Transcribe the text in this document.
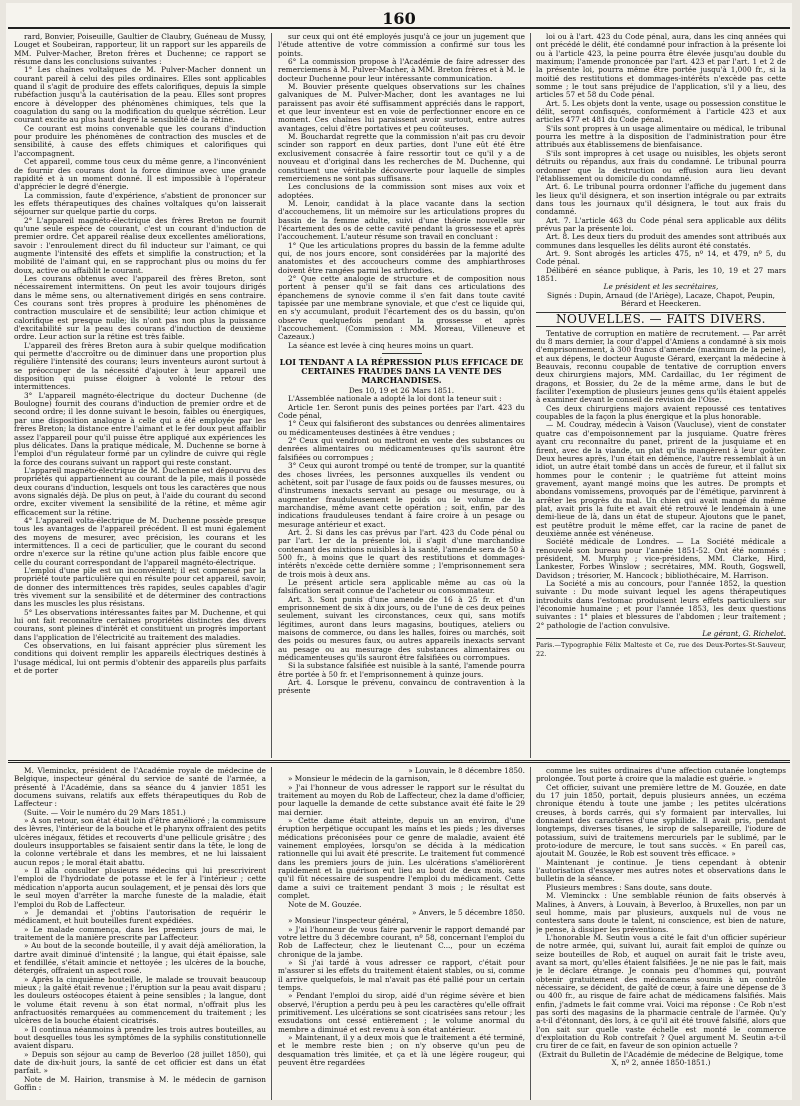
160

rard, Bonvier, Poiseuille, Gaultier de Claubry, Guéneau de Mussy, Louget et Soubeiran, rapporteur, lit un rapport sur les appareils de MM. Pulver-Macher, Breton frères et Duchenne; ce rapport se résume dans les conclusions suivantes :

1° Les chaînes voltaïques de M. Pulver-Macher donnent un courant pareil à celui des piles ordinaires. Elles sont applicables quand il s'agit de produire des effets calorifiques, depuis la simple rubéfaction jusqu'à la cautérisation de la peau. Elles sont propres encore à développer des phénomènes chimiques, tels que la coagulation du sang ou la modification du quelque sécrétion. Leur courant excite au plus haut degré la sensibilité de la rétine.

Ce courant est moins convenable que les courans d'induction pour produire les phénomènes de contraction des muscles et de sensibilité, à cause des effets chimiques et calorifiques qui l'accompagnent.

Cet appareil, comme tous ceux du même genre, a l'inconvénient de fournir des courans dont la force diminue avec une grande rapidité et à un moment donné. Il est impossible à l'opérateur d'apprécier le degré d'énergie.

La commission, faute d'expérience, s'abstient de prononcer sur les effets thérapeutiques des chaînes voltaïques qu'on laisserait séjourner sur quelque partie du corps.

2° L'appareil magnéto-électrique des frères Breton ne fournit qu'une seule espèce de courant, c'est un courant d'induction de premier ordre. Cet appareil réalise deux excellentes améliorations, savoir : l'enroulement direct du fil inducteur sur l'aimant, ce qui augmente l'intensité des effets et simplifie la construction; et la mobilité de l'aimant qui, en se rapprochant plus ou moins du fer doux, active ou affaiblit le courant.

Les courans obtenus avec l'appareil des frères Breton, sont nécessairement intermittens. On peut les avoir toujours dirigés dans le même sens, ou alternativement dirigés en sens contraire. Ces courans sont très propres à produire les phénomènes de contraction musculaire et de sensibilité; leur action chimique et calorifique est presque nulle; ils n'ont pas non plus la puissance d'excitabilité sur la peau des courans d'induction de deuxième ordre. Leur action sur la rétine est très faible.

L'appareil des frères Breton aura à subir quelque modification qui permette d'accroître ou de diminuer dans une proportion plus régulière l'intensité des courans; leurs inventeurs auront surtout à se préoccuper de la nécessité d'ajouter à leur appareil une disposition qui puisse éloigner à volonté le retour des intermittences.

3° L'appareil magnéto-électrique du docteur Duchenne (de Boulogne) fournit des courans d'induction de premier ordre et de second ordre; il les donne suivant le besoin, faibles ou énergiques, par une disposition analogue à celle qui a été employée par les frères Breton; la distance entre l'aimant et le fer doux peut affaiblir assez l'appareil pour qu'il puisse être appliqué aux expériences les plus délicates. Dans la pratique médicale, M. Duchenne se borne à l'emploi d'un régulateur formé par un cylindre de cuivre qui règle la force des courans suivant un rapport qui reste constant.

L'appareil magnéto-électrique de M. Duchenne est dépourvu des propriétés qui appartiennent au courant de la pile, mais il possède deux courans d'induction, lesquels ont tous les caractères que nous avons signalés déjà. De plus on peut, à l'aide du courant du second ordre, exciter vivement la sensibilité de la rétine, et même agir efficacement sur la rétine.

4° L'appareil volta-électrique de M. Duchenne possède presque tous les avantages de l'appareil précédent. Il est muni également des moyens de mesurer, avec précision, les courans et les intermittences. Il a ceci de particulier, que le courant du second ordre n'exerce sur la rétine qu'une action plus faible encore que celle du courant correspondant de l'appareil magnéto-électrique.

L'emploi d'une pile est un inconvénient; il est compensé par la propriété toute particulière qui en résulte pour cet appareil, savoir, de donner des intermittences très rapides, seules capables d'agir très vivement sur la sensibilité et de déterminer des contractions dans les muscles les plus résistans.

5° Les observations intéressantes faites par M. Duchenne, et qui lui ont fait reconnaître certaines propriétés distinctes des divers courans, sont pleines d'intérêt et constituent un progrès important dans l'application de l'électricité au traitement des maladies.

Ces observations, en lui faisant apprécier plus sûrement les conditions qui doivent remplir les appareils électriques destinés à l'usage médical, lui ont permis d'obtenir des appareils plus parfaits et de porter

sur ceux qui ont été employés jusqu'à ce jour un jugement que l'étude attentive de votre commission a confirmé sur tous les points.

6° La commission propose à l'Académie de faire adresser des remerciemens à M. Pulver-Macher, à MM. Breton frères et à M. le docteur Duchenne pour leur intéressante communication.

M. Bouvier présente quelques observations sur les chaînes galvaniques de M. Pulver-Macher, dont les avantages ne lui paraissent pas avoir été suffisamment appréciés dans le rapport, et que leur inventeur est en voie de perfectionner encore en ce moment. Ces chaînes lui paraissent avoir surtout, entre autres avantages, celui d'être portatives et peu coûteuses.

M. Bouchardat regrette que la commission n'ait pas cru devoir scinder son rapport en deux parties, dont l'une eût été être exclusivement consacrée à faire ressortir tout ce qu'il y a de nouveau et d'original dans les recherches de M. Duchenne, qui constituent une véritable découverte pour laquelle de simples remerciemens ne sont pas suffisans.

Les conclusions de la commission sont mises aux voix et adoptées.

M. Lenoir, candidat à la place vacante dans la section d'accouchemens, lit un mémoire sur les articulations propres du bassin de la femme adulte, suivi d'une théorie nouvelle sur l'écartement des os de cette cavité pendant la grossesse et après l'accouchement. L'auteur résume son travail en concluant :

1° Que les articulations propres du bassin de la femme adulte qui, de nos jours encore, sont considérées par la majorité des anatomistes et des accoucheurs comme des amphiarthroses doivent être rangées parmi les arthrodies.

2° Que cette analogie de structure et de composition nous portent à penser qu'il se fait dans ces articulations des épanchemens de synovie comme il s'en fait dans toute cavité tapissée par une membrane synoviale, et que c'est ce liquide qui, en s'y accumulant, produit l'écartement des os du bassin, qu'on observe quelquefois pendant la grossesse et après l'accouchement. (Commission : MM. Moreau, Villeneuve et Cazeaux.)

La séance est levée à cinq heures moins un quart.

LOI TENDANT A LA RÉPRESSION PLUS EFFICACE DE CERTAINES FRAUDES DANS LA VENTE DES MARCHANDISES.

Des 10, 19 et 26 Mars 1851.

L'Assemblée nationale a adopté la loi dont la teneur suit :

Article 1er. Seront punis des peines portées par l'art. 423 du Code pénal,

1° Ceux qui falsifieront des substances ou denrées alimentaires ou médicamenteuses destinées à être vendues ;

2° Ceux qui vendront ou mettront en vente des substances ou denrées alimentaires ou médicamenteuses qu'ils sauront être falsifiées ou corrompues ;

3° Ceux qui auront trompé ou tenté de tromper, sur la quantité des choses livrées, les personnes auxquelles ils vendent ou achètent, soit par l'usage de faux poids ou de fausses mesures, ou d'instrumens inexacts servant au pesage ou mesurage, ou à augmenter frauduleusement le poids ou le volume de la marchandise, même avant cette opération ; soit, enfin, par des indications frauduleuses tendant à faire croire à un pesage ou mesurage antérieur et exact.

Art. 2. Si dans les cas prévus par l'art. 423 du Code pénal ou par l'art. 1er de la présente loi, il s'agit d'une marchandise contenant des mixtions nuisibles à la santé, l'amende sera de 50 à 500 fr., à moins que le quart des restitutions et dommages-intérêts n'excède cette dernière somme ; l'emprisonnement sera de trois mois à deux ans.

Le présent article sera applicable même au cas où la falsification serait connue de l'acheteur ou consommateur.

Art. 3. Sont punis d'une amende de 16 à 25 fr. et d'un emprisonnement de six à dix jours, ou de l'une de ces deux peines seulement, suivant les circonstances, ceux qui, sans motifs légitimes, auront dans leurs magasins, boutiques, ateliers ou maisons de commerce, ou dans les halles, foires ou marchés, soit des poids ou mesures faux, ou autres appareils inexacts servant au pesage ou au mesurage des substances alimentaires ou médicamenteuses qu'ils sauront être falsifiées ou corrompues.

Si la substance falsifiée est nuisible à la santé, l'amende pourra être portée à 50 fr. et l'emprisonnement à quinze jours.

Art. 4. Lorsque le prévenu, convaincu de contravention à la présente

loi ou à l'art. 423 du Code pénal, aura, dans les cinq années qui ont précédé le délit, été condamné pour infraction à la présente loi ou à l'article 423, la peine pourra être élevée jusqu'au double du maximum; l'amende prononcée par l'art. 423 et par l'art. 1 et 2 de la présente loi, pourra même être portée jusqu'à 1,000 fr., si la moitié des restitutions et dommages-intérêts n'excède pas cette somme ; le tout sans préjudice de l'application, s'il y a lieu, des articles 57 et 58 du Code pénal.

Art. 5. Les objets dont la vente, usage ou possession constitue le délit, seront confisqués, conformément à l'article 423 et aux articles 477 et 481 du Code pénal.

S'ils sont propres à un usage alimentaire ou médical, le tribunal pourra les mettre à la disposition de l'administration pour être attribués aux établissemens de bienfaisance.

S'ils sont impropres à cet usage ou nuisibles, les objets seront détruits ou répandus, aux frais du condamné. Le tribunal pourra ordonner que la destruction ou effusion aura lieu devant l'établissement ou domicile du condamné.

Art. 6. Le tribunal pourra ordonner l'affiche du jugement dans les lieux qu'il désignera, et son insertion intégrale ou par extraits dans tous les journaux qu'il désignera, le tout aux frais du condamné.

Art. 7. L'article 463 du Code pénal sera applicable aux délits prévus par la présente loi.

Art. 8. Les deux tiers du produit des amendes sont attribués aux communes dans lesquelles les délits auront été constatés.

Art. 9. Sont abrogés les articles 475, nº 14, et 479, nº 5, du Code pénal.

Délibéré en séance publique, à Paris, les 10, 19 et 27 mars 1851.

Le président et les secrétaires,

Signés : Dupin, Arnaud (de l'Ariège), Lacaze, Chapot, Peupin, Bérard et Heeckeren.

NOUVELLES. — FAITS DIVERS.

Tentative de corruption en matière de recrutement. — Par arrêt du 8 mars dernier, la cour d'appel d'Amiens a condamné à six mois d'emprisonnement, à 300 francs d'amende (maximum de la peine), et aux dépens, le docteur Auguste Gérard, exerçant la médecine à Beauvais, reconnu coupable de tentative de corruption envers deux chirurgiens majors, MM. Cardaillac, du 1er régiment de dragons, et Bossier, du 2e de la même arme, dans le but de faciliter l'exemption de plusieurs jeunes gens qu'ils étaient appelés à examiner devant le conseil de révision de l'Oise.

Ces deux chirurgiens majors avaient repoussé ces tentatives coupables de la façon la plus énergique et la plus honorable.

— M. Coudray, médecin à Vaison (Vaucluse), vient de constater quatre cas d'empoisonnement par la jusquiame. Quatre frères ayant cru reconnaître du panet, prirent de la jusquiame et en firent, avec de la viande, un plat qu'ils mangèrent à leur goûter. Deux heures après, l'un était en démence, l'autre ressemblait à un idiot, un autre était tombé dans un accès de fureur, et il fallut six hommes pour le contenir ; le quatrième fut atteint moins gravement, ayant mangé moins que les autres. De prompts et abondans vomissemens, provoqués par de l'émétique, parvinrent à arrêter les progrès du mal. Un chien qui avait mangé du même plat, avait pris la fuite et avait été retrouvé le lendemain à une demi-lieue de là, dans un état de stupeur. Ajoutons que le panet, est peutêtre produit le même effet, car la racine de panet de deuxième année est vénéneuse.

Société médicale de Londres. — La Société médicale a renouvelé son bureau pour l'année 1851-52. Ont été nommés : président, M. Murphy ; vice-présidens, MM. Clarke, Hird, Lankester, Forbes Winslow ; secrétaires, MM. Routh, Gogswell, Davidson ; trésorier, M. Hancock ; bibliothécaire, M. Harrison.

La Société a mis au concours, pour l'année 1852, la question suivante : Du mode suivant lequel les agens thérapeutiques introduits dans l'estomac produisent leurs effets particuliers sur l'économie humaine ; et pour l'année 1853, les deux questions suivantes : 1° plaies et blessures de l'abdomen ; leur traitement ; 2° pathologie de l'action convulsive.

Le gérant, G. Richelot.

Paris.—Typographie Félix Malteste et Ce, rue des Deux-Portes-St-Sauveur, 22.

M. Vleminckx, président de l'Académie royale de médecine de Belgique, inspecteur général du service de santé de l'armée, a présenté à l'Académie, dans sa séance du 4 janvier 1851 les documens suivans, relatifs aux effets thérapeutiques du Rob de Laffecteur :

(Suite. — Voir le numéro du 29 Mars 1851.)

» A son retour, son état était loin d'être amélioré ; la commissure des lèvres, l'intérieur de la bouche et le pharynx offraient des petits ulcères inégaux, fétides et recouverts d'une pellicule grisâtre ; des douleurs insupportables se faisaient sentir dans la tête, le long de la colonne vertébrale et dans les membres, et ne lui laissaient aucun repos ; le moral était abattu.

» Il alla consulter plusieurs médecins qui lui prescrivirent l'emploi de l'hydriodate de potasse et le fer à l'intérieur ; cette médication n'apporta aucun soulagement, et je pensai dès lors que le seul moyen d'arrêter la marche funeste de la maladie, était l'emploi du Rob de Laffecteur.

» Je demandai et j'obtins l'autorisation de requérir le médicament, et huit bouteilles furent expédiées.

» Le malade commença, dans les premiers jours de mai, le traitement de la manière prescrite par Laffecteur.

» Au bout de la seconde bouteille, il y avait déjà amélioration, la dartre avait diminué d'intensité ; la langue, qui était épaisse, sale et fendillée, s'était amincie et nettoyée ; les ulcères de la bouche, détergés, offraient un aspect rosé.

» Après la cinquième bouteille, le malade se trouvait beaucoup mieux ; la gaîté était revenue ; l'éruption sur la peau avait disparu ; les douleurs ostéocopes étaient à peine sensibles ; la langue, dont le volume était revenu à son état normal, n'offrait plus les anfractuosités remarquées au commencement du traitement ; les ulcères de la bouche étaient cicatrisés.

» Il continua néanmoins à prendre les trois autres bouteilles, au bout desquelles tous les symptômes de la syphilis constitutionnelle avaient disparu.

» Depuis son séjour au camp de Beverloo (28 juillet 1850), qui date de dix-huit jours, la santé de cet officier est dans un état parfait. »

Note de M. Hairion, transmise à M. le médecin de garnison Goffin :

» Louvain, le 8 décembre 1850.

» Monsieur le médecin de la garnison,

» J'ai l'honneur de vous adresser le rapport sur le résultat du traitement au moyen du Rob de Laffecteur, chez la dame d'officier, pour laquelle la demande de cette substance avait été faite le 29 mai dernier.

» Cette dame était atteinte, depuis un an environ, d'une éruption herpétique occupant les mains et les pieds ; les diverses médications préconisées pour ce genre de maladie, avaient été vainement employées, lorsqu'on se décida à la médication rationnelle qui lui avait été prescrite. Le traitement fut commencé dans les premiers jours de juin. Les ulcérations s'améliorèrent rapidement et la guérison eut lieu au bout de deux mois, sans qu'il fût nécessaire de suspendre l'emploi du médicament. Cette dame a suivi ce traitement pendant 3 mois ; le résultat est complet.

Note de M. Gouzée.

» Anvers, le 5 décembre 1850.

» Monsieur l'inspecteur général,

» J'ai l'honneur de vous faire parvenir le rapport demandé par votre lettre du 3 décembre courant, nº 58, concernant l'emploi du Rob de Laffecteur, chez le lieutenant C..., pour un eczéma chronique de la jambe.

» Si j'ai tardé à vous adresser ce rapport, c'était pour m'assurer si les effets du traitement étaient stables, ou si, comme il arrive quelquefois, le mal n'avait pas été pallié pour un certain temps.

» Pendant l'emploi du sirop, aidé d'un régime sévère et bien observé, l'éruption a perdu peu à peu les caractères qu'elle offrait primitivement. Les ulcérations se sont cicatrisées sans retour ; les exsudations ont cessé entièrement ; le volume anormal du membre a diminué et est revenu à son état antérieur.

» Maintenant, il y a deux mois que le traitement a été terminé, et le membre reste bien ; on n'y observe qu'un peu de desquamation très limitée, et ça et là une légère rougeur, qui peuvent être regardées

comme les suites ordinaires d'une affection cutanée longtemps prolongée. Tout porte à croire que la maladie est guérie. »

Cet officier, suivant une première lettre de M. Gouzée, en date du 17 juin 1850, portait, depuis plusieurs années, un eczéma chronique étendu à toute une jambe ; les petites ulcérations creuses, à bords carrés, qui s'y formaient par intervalles, lui donnaient des caractères d'une syphilide. Il avait pris, pendant longtemps, diverses tisanes, le sirop de salsepareille, l'iodure de potassium, suivi de traitemens mercuriels par le sublimé, par le proto-iodure de mercure, le tout sans succès. « En pareil cas, ajoutait M. Gouzée, le Rob est souvent très efficace. »

Maintenant je continue. Je tiens cependant à obtenir l'autorisation d'essayer mes autres notes et observations dans le bulletin de la séance.

Plusieurs membres : Sans doute, sans doute.

M. Vleminckx : Une semblable réunion de faits observés à Malines, à Anvers, à Louvain, à Beverloo, à Bruxelles, non par un seul homme, mais par plusieurs, auxquels nul de vous ne contestera sans doute le talent, ni conscience, est bien de nature, je pense, à dissiper les préventions.

L'honorable M. Seutin vous a cité le fait d'un officier supérieur de notre armée, qui, suivant lui, aurait fait emploi de quinze ou seize bouteilles de Rob, et auquel on aurait fait le triste aveu, avant sa mort, qu'elles étaient falsifiées. Je ne nie pas le fait, mais je le déclare étrange. Je connais peu d'hommes qui, pouvant obtenir gratuitement des médicamens soumis à un contrôle nécessaire, se décident, de gaîté de cœur, à faire une dépense de 3 ou 400 fr., au risque de faire achat de médicamens falsifiés. Mais enfin, j'admets le fait comme vrai. Voici ma réponse : Ce Rob n'est pas sorti des magasins de la pharmacie centrale de l'armée. Qu'y a-t-il d'étonnant, dès lors, à ce qu'il ait été trouvé falsifié, alors que l'on sait sur quelle vaste échelle est monté le commerce d'exploitation du Rob contrefait ? Quel argument M. Seutin a-t-il cru tirer de ce fait, en faveur de son opinion actuelle ?

(Extrait du Bulletin de l'Académie de médecine de Belgique, tome X, nº 2, année 1850-1851.)
